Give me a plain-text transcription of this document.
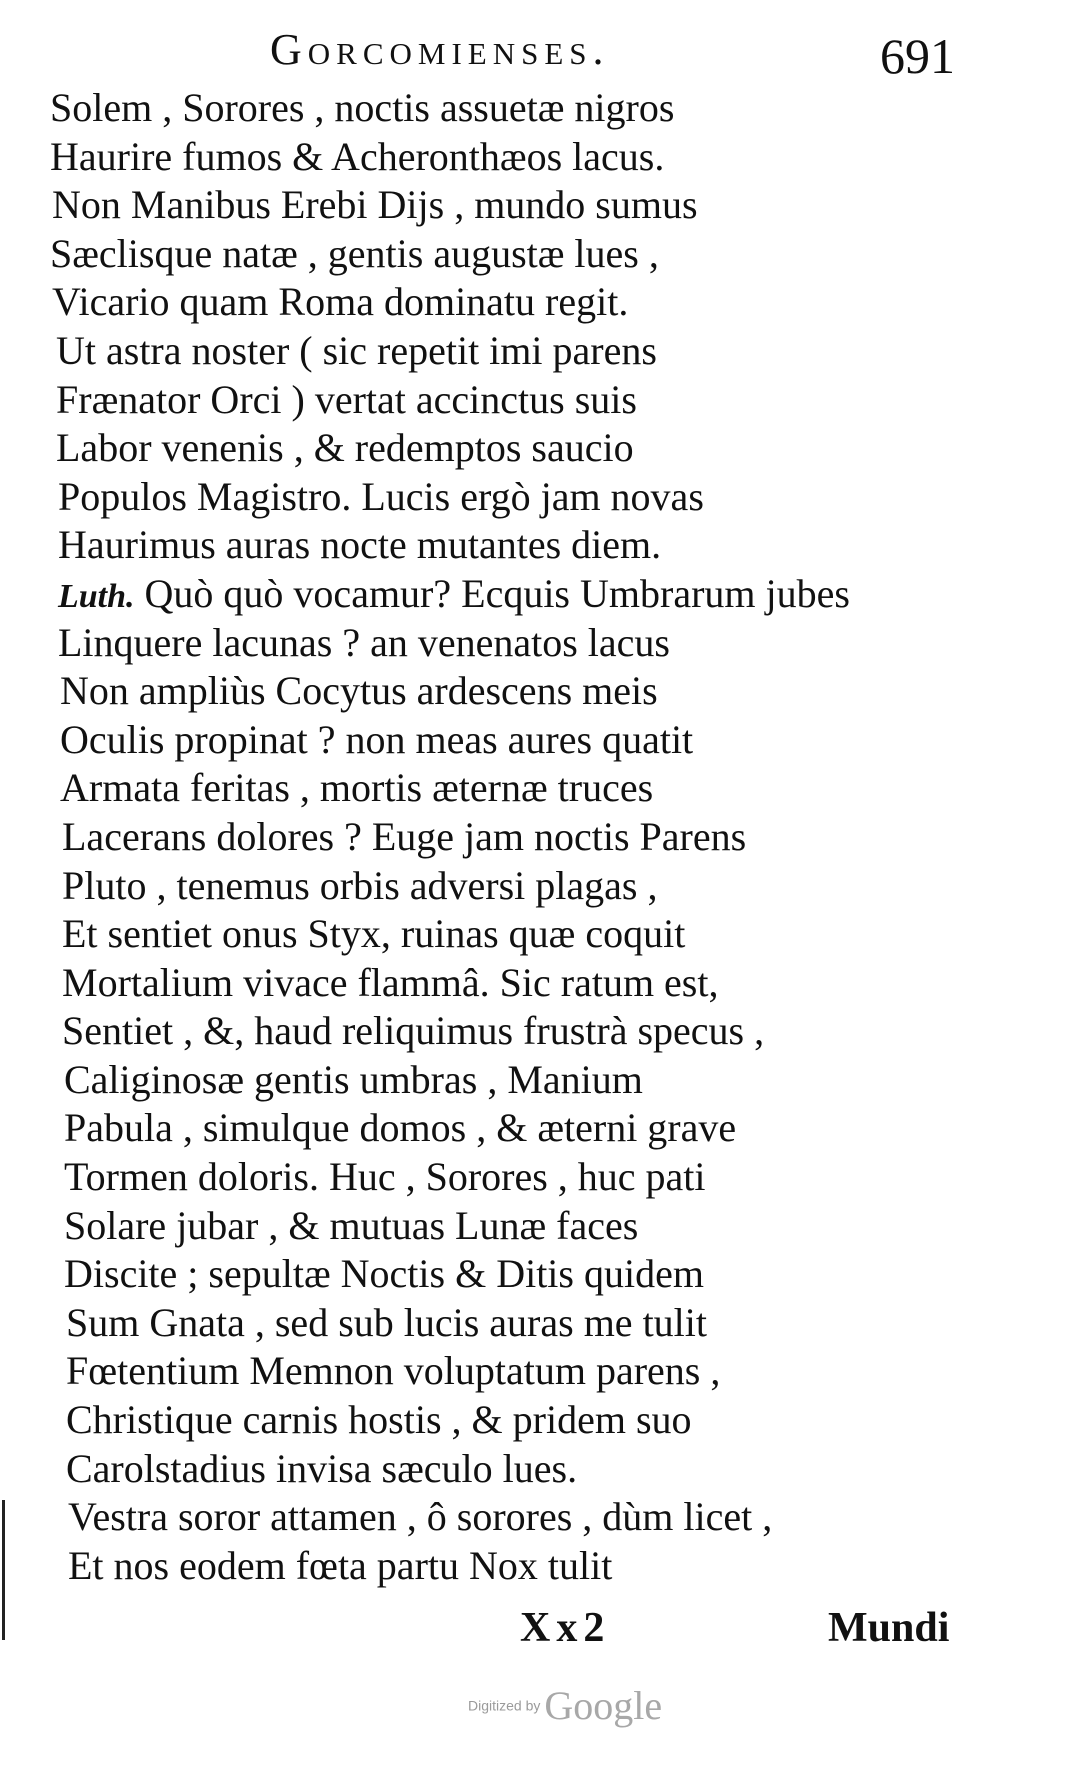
Gorcomienses.	691
Solem , Sorores , noctis assuetæ nigros
Haurire fumos & Acheronthæos lacus.
Non Manibus Erebi Dijs , mundo sumus
Sæclisque natæ , gentis augustæ lues ,
Vicario quam Roma dominatu regit.
Ut astra noster ( sic repetit imi parens
Frænator Orci ) vertat accinctus suis
Labor venenis , & redemptos saucio
Populos Magistro. Lucis ergò jam novas
Haurimus auras nocte mutantes diem.
Luth. Quò quò vocamur? Ecquis Umbrarum jubes
Linquere lacunas ? an venenatos lacus
Non ampliùs Cocytus ardescens meis
Oculis propinat ? non meas aures quatit
Armata feritas , mortis æternæ truces
Lacerans dolores ? Euge jam noctis Parens
Pluto , tenemus orbis adversi plagas ,
Et sentiet onus Styx, ruinas quæ coquit
Mortalium vivace flammâ. Sic ratum est,
Sentiet , &, haud reliquimus frustrà specus ,
Caliginosæ gentis umbras , Manium
Pabula , simulque domos , & æterni grave
Tormen doloris. Huc , Sorores , huc pati
Solare jubar , & mutuas Lunæ faces
Discite ; sepultæ Noctis & Ditis quidem
Sum Gnata , sed sub lucis auras me tulit
Fœtentium Memnon voluptatum parens ,
Christique carnis hostis , & pridem suo
Carolstadius invisa sæculo lues.
Vestra soror attamen , ô sorores , dùm licet ,
Et nos eodem fœta partu Nox tulit
Xx2	Mundi
Digitized by Google
